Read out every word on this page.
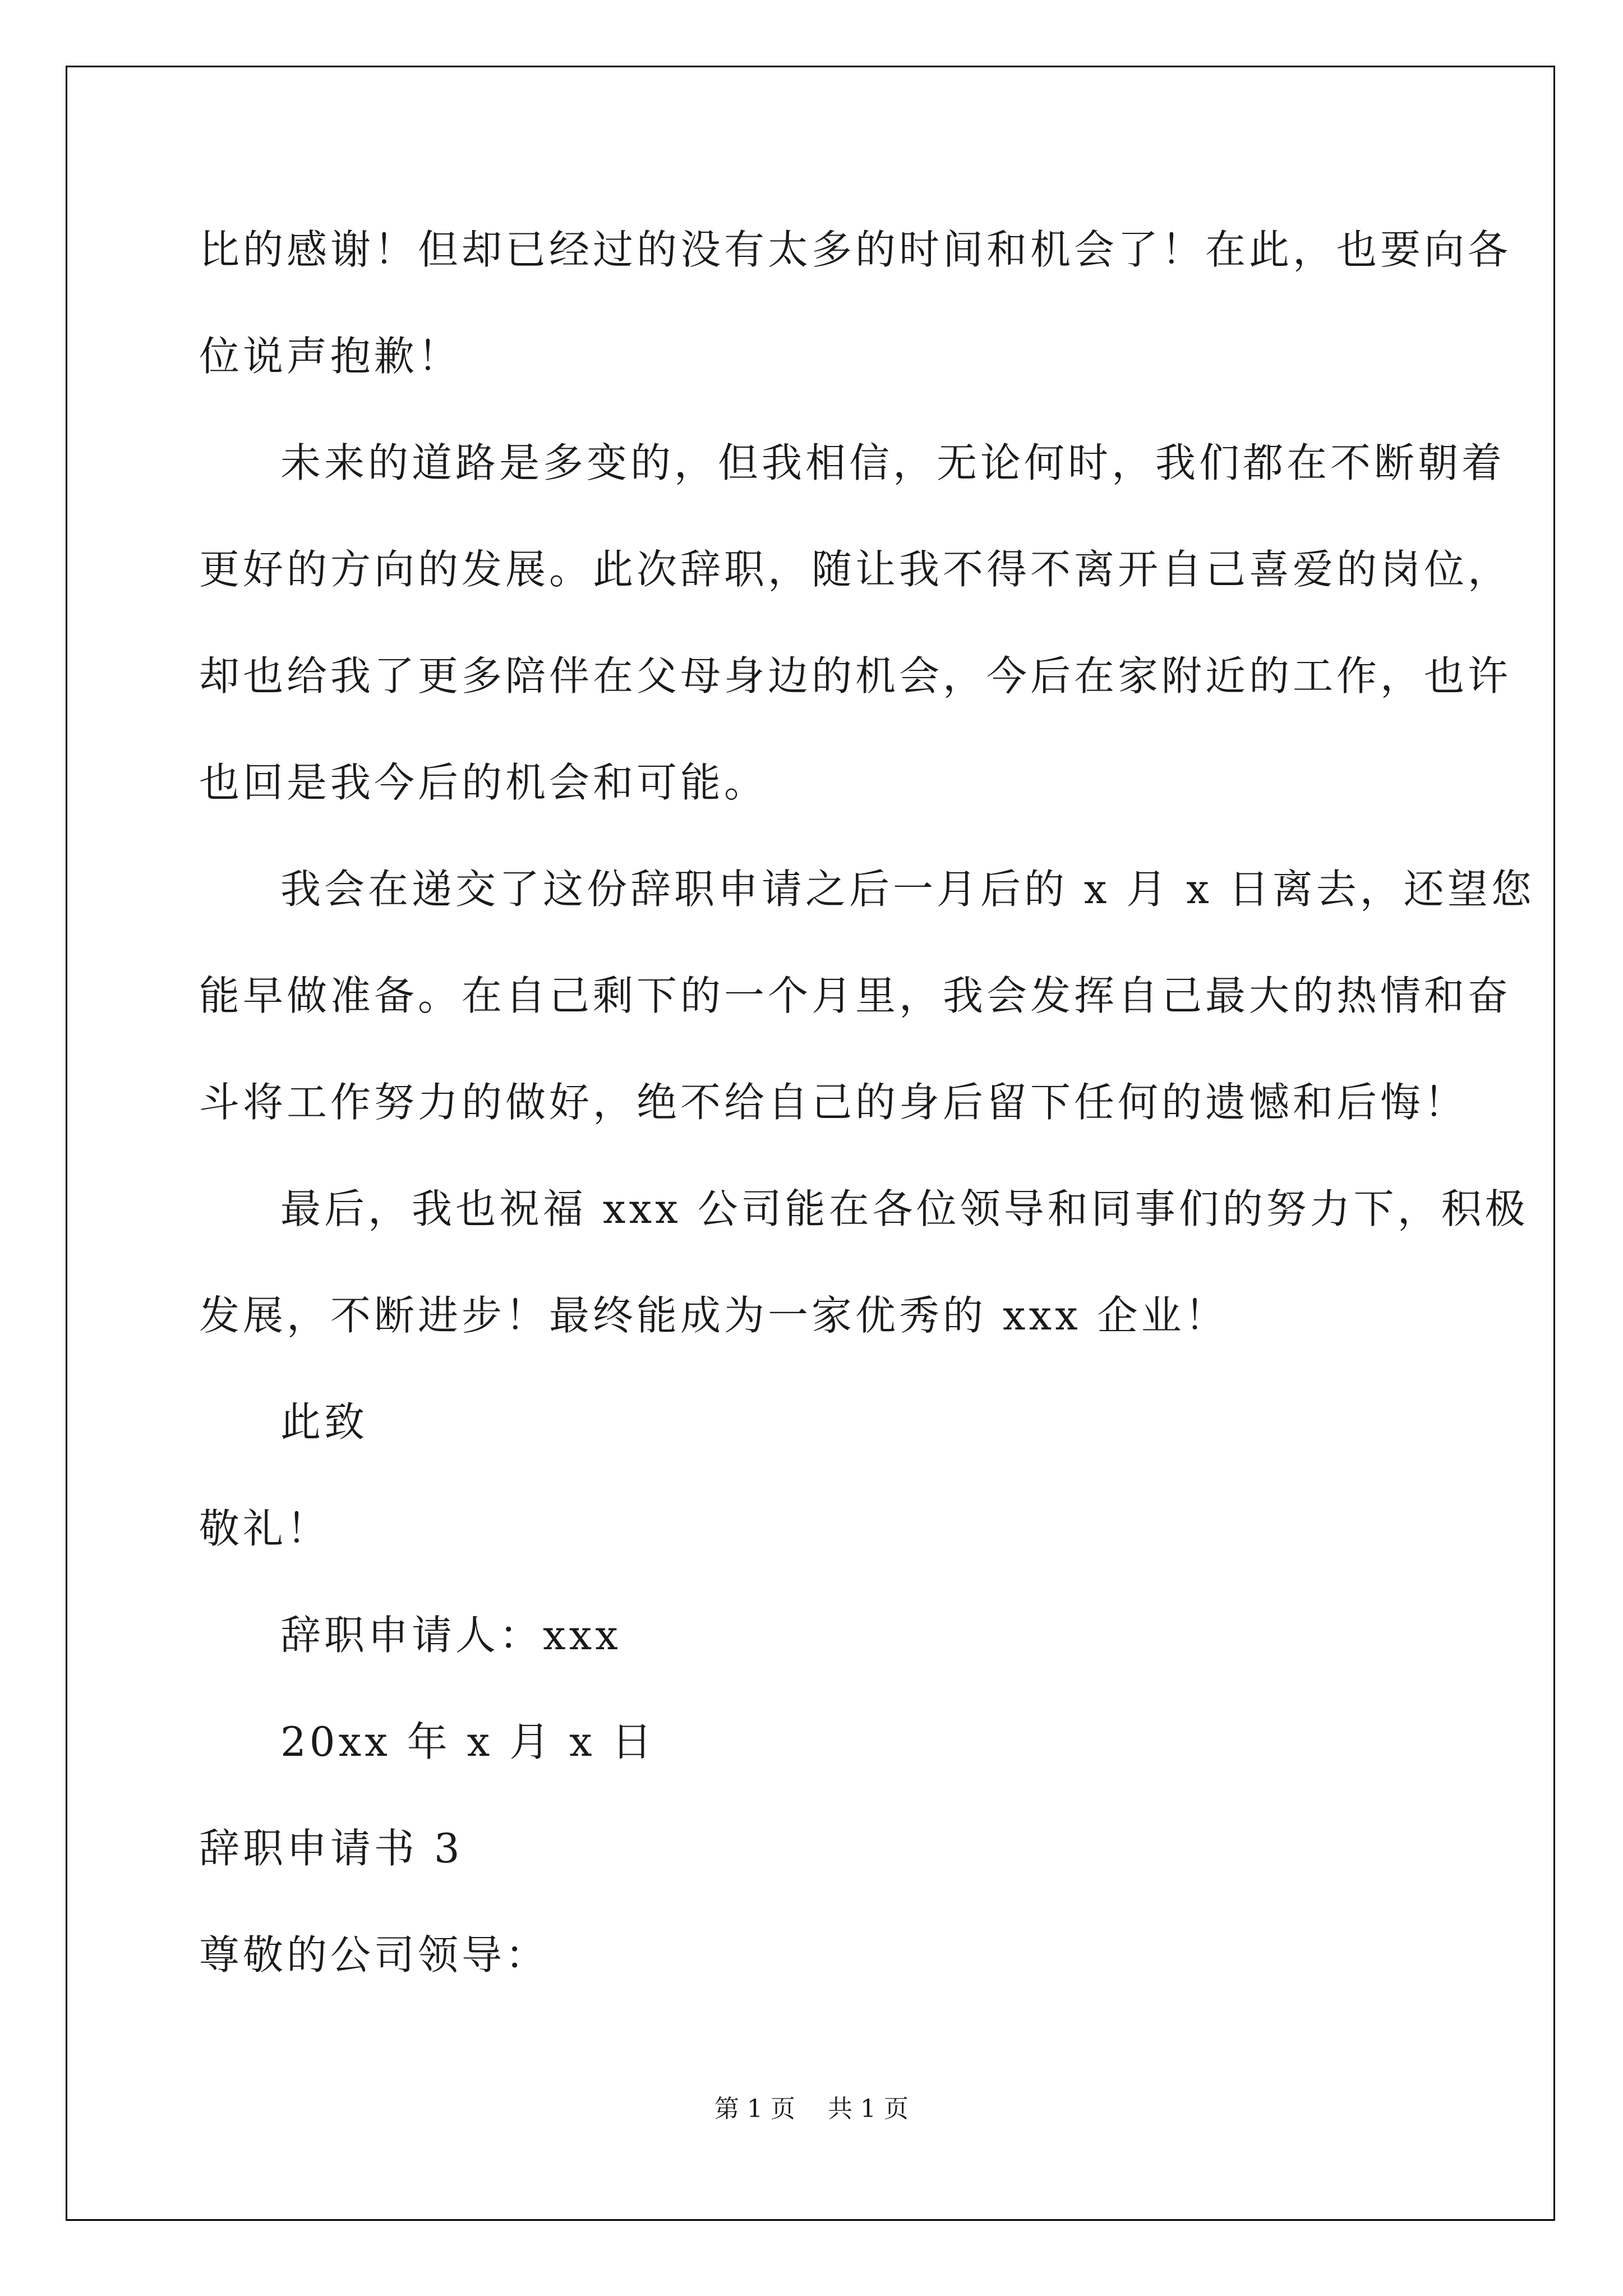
比的感谢！但却已经过的没有太多的时间和机会了！在此，也要向各
位说声抱歉！
未来的道路是多变的，但我相信，无论何时，我们都在不断朝着
更好的方向的发展。此次辞职，随让我不得不离开自己喜爱的岗位，
却也给我了更多陪伴在父母身边的机会，今后在家附近的工作，也许
也回是我今后的机会和可能。
我会在递交了这份辞职申请之后一月后的 x 月 x 日离去，还望您
能早做准备。在自己剩下的一个月里，我会发挥自己最大的热情和奋
斗将工作努力的做好，绝不给自己的身后留下任何的遗憾和后悔！
最后，我也祝福 xxx 公司能在各位领导和同事们的努力下，积极
发展，不断进步！最终能成为一家优秀的 xxx 企业！
此致
敬礼！
辞职申请人：xxx
20xx 年 x 月 x 日
辞职申请书 3
尊敬的公司领导：
第 1 页 共 1 页
